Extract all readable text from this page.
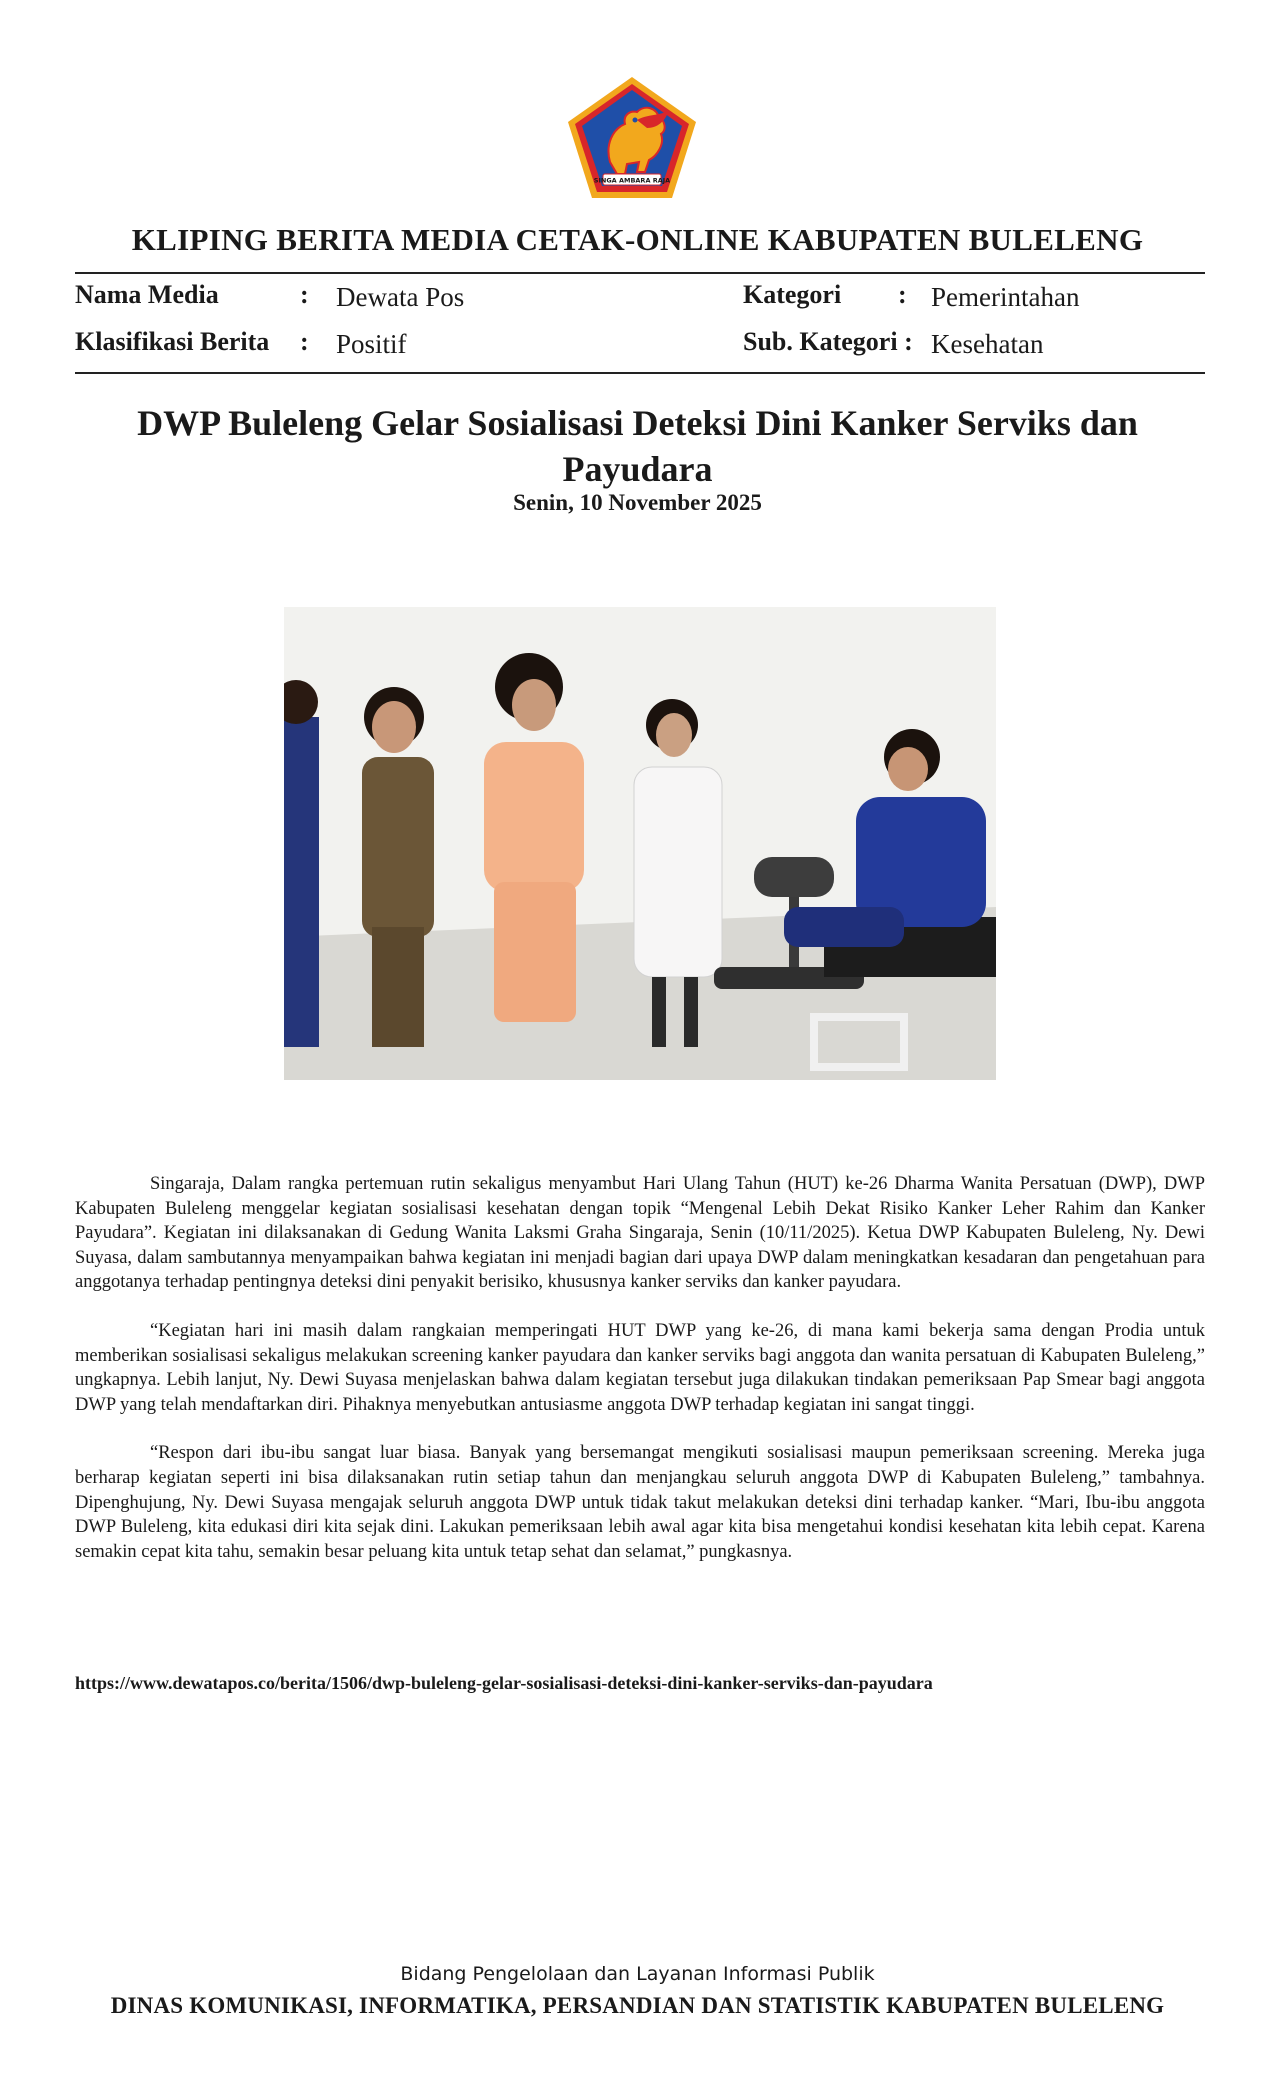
SINGA AMBARA RAJA
KLIPING BERITA MEDIA CETAK-ONLINE KABUPATEN BULELENG
Nama Media	: Dewata Pos	Kategori : Pemerintahan
Klasifikasi Berita : Positif	Sub. Kategori : Kesehatan
DWP Buleleng Gelar Sosialisasi Deteksi Dini Kanker Serviks dan Payudara
Senin, 10 November 2025

Singaraja, Dalam rangka pertemuan rutin sekaligus menyambut Hari Ulang Tahun (HUT) ke-26 Dharma Wanita Persatuan (DWP), DWP Kabupaten Buleleng menggelar kegiatan sosialisasi kesehatan dengan topik “Mengenal Lebih Dekat Risiko Kanker Leher Rahim dan Kanker Payudara”. Kegiatan ini dilaksanakan di Gedung Wanita Laksmi Graha Singaraja, Senin (10/11/2025). Ketua DWP Kabupaten Buleleng, Ny. Dewi Suyasa, dalam sambutannya menyampaikan bahwa kegiatan ini menjadi bagian dari upaya DWP dalam meningkatkan kesadaran dan pengetahuan para anggotanya terhadap pentingnya deteksi dini penyakit berisiko, khususnya kanker serviks dan kanker payudara.

“Kegiatan hari ini masih dalam rangkaian memperingati HUT DWP yang ke-26, di mana kami bekerja sama dengan Prodia untuk memberikan sosialisasi sekaligus melakukan screening kanker payudara dan kanker serviks bagi anggota dan wanita persatuan di Kabupaten Buleleng,” ungkapnya. Lebih lanjut, Ny. Dewi Suyasa menjelaskan bahwa dalam kegiatan tersebut juga dilakukan tindakan pemeriksaan Pap Smear bagi anggota DWP yang telah mendaftarkan diri. Pihaknya menyebutkan antusiasme anggota DWP terhadap kegiatan ini sangat tinggi.

“Respon dari ibu-ibu sangat luar biasa. Banyak yang bersemangat mengikuti sosialisasi maupun pemeriksaan screening. Mereka juga berharap kegiatan seperti ini bisa dilaksanakan rutin setiap tahun dan menjangkau seluruh anggota DWP di Kabupaten Buleleng,” tambahnya. Dipenghujung, Ny. Dewi Suyasa mengajak seluruh anggota DWP untuk tidak takut melakukan deteksi dini terhadap kanker. “Mari, Ibu-ibu anggota DWP Buleleng, kita edukasi diri kita sejak dini. Lakukan pemeriksaan lebih awal agar kita bisa mengetahui kondisi kesehatan kita lebih cepat. Karena semakin cepat kita tahu, semakin besar peluang kita untuk tetap sehat dan selamat,” pungkasnya.

https://www.dewatapos.co/berita/1506/dwp-buleleng-gelar-sosialisasi-deteksi-dini-kanker-serviks-dan-payudara
Bidang Pengelolaan dan Layanan Informasi Publik
DINAS KOMUNIKASI, INFORMATIKA, PERSANDIAN DAN STATISTIK KABUPATEN BULELENG
